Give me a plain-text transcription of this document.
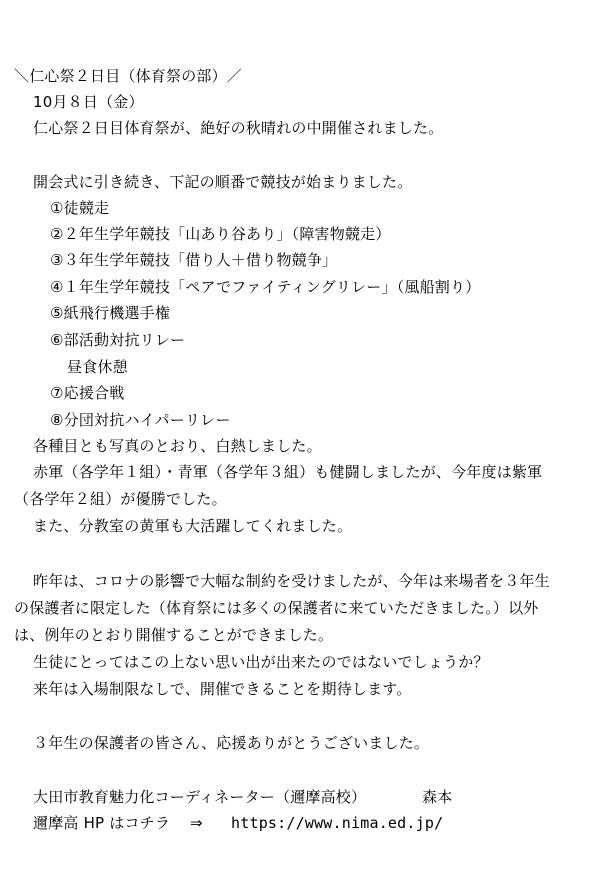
＼仁心祭２日目（体育祭の部）／
10月８日（金）
仁心祭２日目体育祭が、絶好の秋晴れの中開催されました。
開会式に引き続き、下記の順番で競技が始まりました。
①徒競走
②２年生学年競技「山あり谷あり」（障害物競走）
③３年生学年競技「借り人＋借り物競争」
④１年生学年競技「ペアでファイティングリレー」（風船割り）
⑤紙飛行機選手権
⑥部活動対抗リレー
昼食休憩
⑦応援合戦
⑧分団対抗ハイパーリレー
各種目とも写真のとおり、白熱しました。
赤軍（各学年１組）・青軍（各学年３組）も健闘しましたが、今年度は紫軍
（各学年２組）が優勝でした。
また、分教室の黄軍も大活躍してくれました。
昨年は、コロナの影響で大幅な制約を受けましたが、今年は来場者を３年生
の保護者に限定した（体育祭には多くの保護者に来ていただきました。）以外
は、例年のとおり開催することができました。
生徒にとってはこの上ない思い出が出来たのではないでしょうか？
来年は入場制限なしで、開催できることを期待します。
３年生の保護者の皆さん、応援ありがとうございました。
大田市教育魅力化コーディネーター（邇摩高校）	森本
邇摩高 HP はコチラ ⇒ https://www.nima.ed.jp/
